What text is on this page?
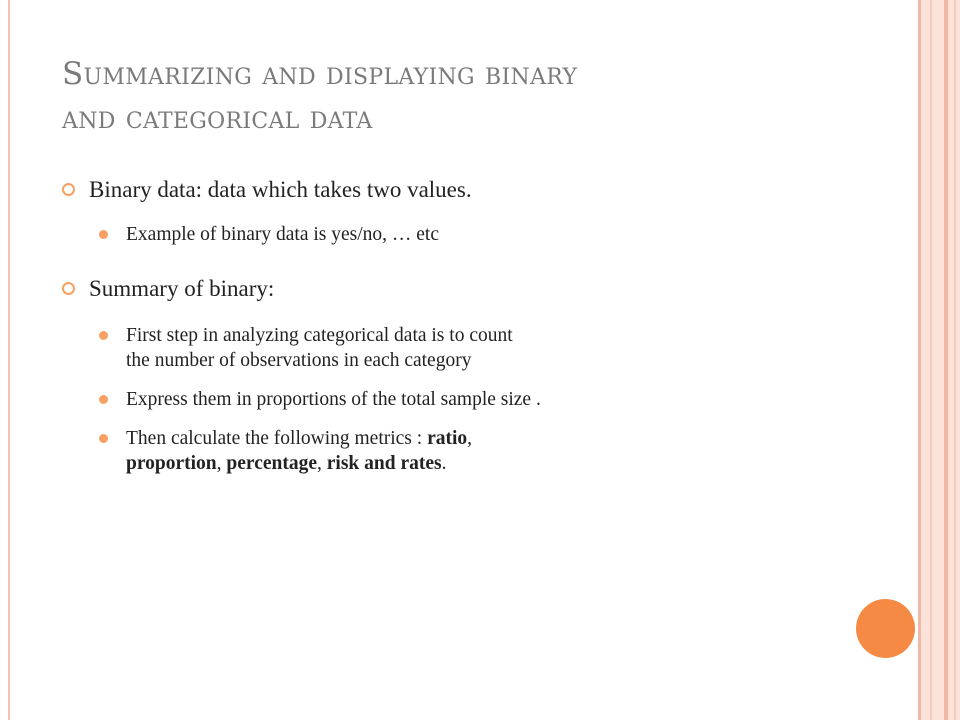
Summarizing and displaying binary
and categorical data
Binary data: data which takes two values.
Example of binary data is yes/no, … etc
Summary of binary:
First step in analyzing categorical data is to count
the number of observations in each category
Express them in proportions of the total sample size .
Then calculate the following metrics : ratio,
proportion, percentage, risk and rates.
